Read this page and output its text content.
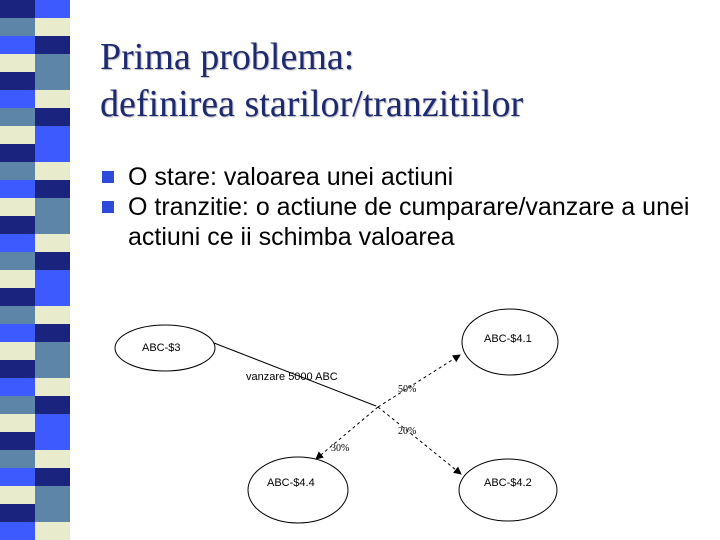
Prima problema:
definirea starilor/tranzitiilor
O stare: valoarea unei actiuni
O tranzitie: o actiune de cumparare/vanzare a unei actiuni ce ii schimba valoarea
ABC-$3
ABC-$4.1
ABC-$4.4	ABC-$4.2
vanzare 5000 ABC
50%
20%
30%
